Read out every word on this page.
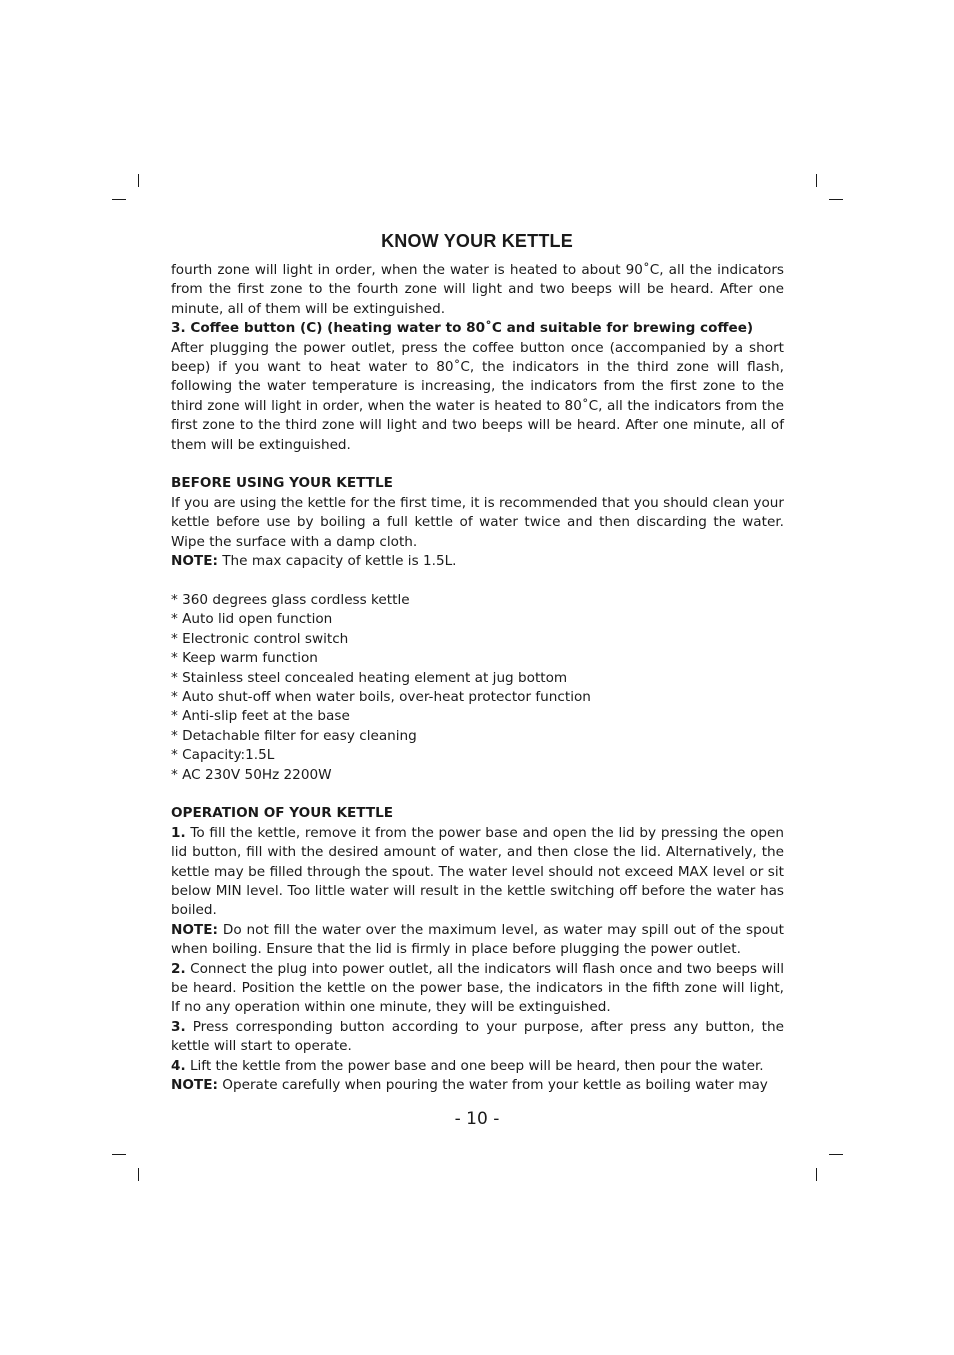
KNOW YOUR KETTLE

fourth zone will light in order, when the water is heated to about 90˚C, all the indicators from the first zone to the fourth zone will light and two beeps will be heard. After one minute, all of them will be extinguished.

3. Coffee button (C) (heating water to 80˚C and suitable for brewing coffee)

After plugging the power outlet, press the coffee button once (accompanied by a short beep) if you want to heat water to 80˚C, the indicators in the third zone will flash, following the water temperature is increasing, the indicators from the first zone to the third zone will light in order, when the water is heated to 80˚C, all the indicators from the first zone to the third zone will light and two beeps will be heard. After one minute, all of them will be extinguished.

BEFORE USING YOUR KETTLE

If you are using the kettle for the first time, it is recommended that you should clean your kettle before use by boiling a full kettle of water twice and then discarding the water. Wipe the surface with a damp cloth.

NOTE: The max capacity of kettle is 1.5L.

* 360 degrees glass cordless kettle
* Auto lid open function
* Electronic control switch
* Keep warm function
* Stainless steel concealed heating element at jug bottom
* Auto shut-off when water boils, over-heat protector function
* Anti-slip feet at the base
* Detachable filter for easy cleaning
* Capacity:1.5L
* AC 230V 50Hz 2200W

OPERATION OF YOUR KETTLE

1. To fill the kettle, remove it from the power base and open the lid by pressing the open lid button, fill with the desired amount of water, and then close the lid. Alternatively, the kettle may be filled through the spout. The water level should not exceed MAX level or sit below MIN level. Too little water will result in the kettle switching off before the water has boiled.

NOTE: Do not fill the water over the maximum level, as water may spill out of the spout when boiling. Ensure that the lid is firmly in place before plugging the power outlet.

2. Connect the plug into power outlet, all the indicators will flash once and two beeps will be heard. Position the kettle on the power base, the indicators in the fifth zone will light, If no any operation within one minute, they will be extinguished.

3. Press corresponding button according to your purpose, after press any button, the kettle will start to operate.

4. Lift the kettle from the power base and one beep will be heard, then pour the water.

NOTE: Operate carefully when pouring the water from your kettle as boiling water may

- 10 -
